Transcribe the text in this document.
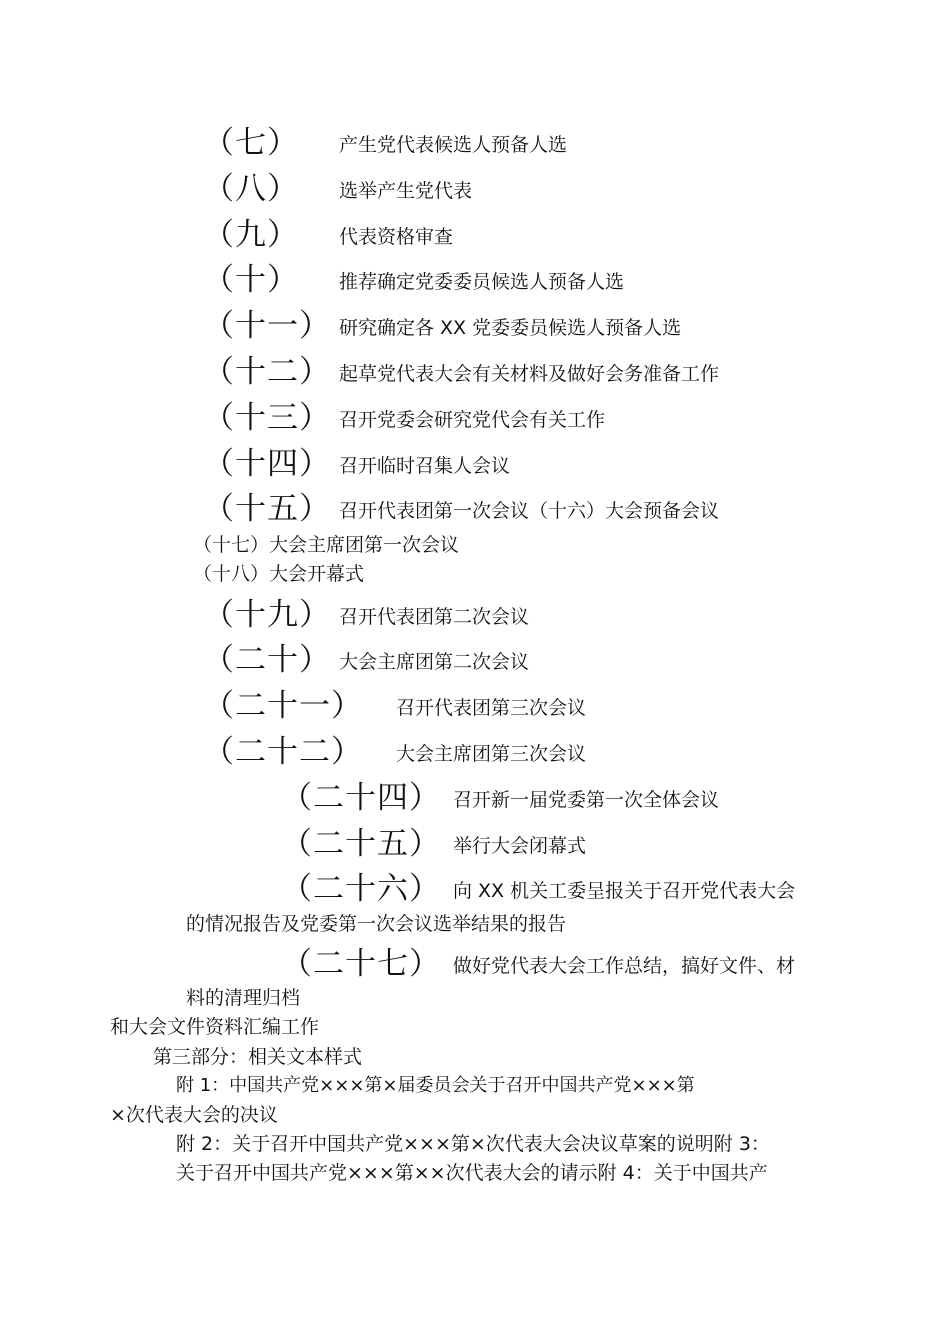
（七） 产生党代表候选人预备人选
（八） 选举产生党代表
（九） 代表资格审查
（十） 推荐确定党委委员候选人预备人选
（十一） 研究确定各 XX 党委委员候选人预备人选
（十二） 起草党代表大会有关材料及做好会务准备工作
（十三） 召开党委会研究党代会有关工作
（十四） 召开临时召集人会议
（十五） 召开代表团第一次会议（十六）大会预备会议
（十七）大会主席团第一次会议
（十八）大会开幕式
（十九） 召开代表团第二次会议
（二十） 大会主席团第二次会议
（二十一） 召开代表团第三次会议
（二十二） 大会主席团第三次会议
（二十四） 召开新一届党委第一次全体会议
（二十五） 举行大会闭幕式
（二十六） 向 XX 机关工委呈报关于召开党代表大会
的情况报告及党委第一次会议选举结果的报告
（二十七） 做好党代表大会工作总结，搞好文件、材
料的清理归档
和大会文件资料汇编工作
第三部分：相关文本样式
附 1：中国共产党×××第×届委员会关于召开中国共产党×××第
×次代表大会的决议
附 2：关于召开中国共产党×××第×次代表大会决议草案的说明附 3：
关于召开中国共产党×××第××次代表大会的请示附 4：关于中国共产
